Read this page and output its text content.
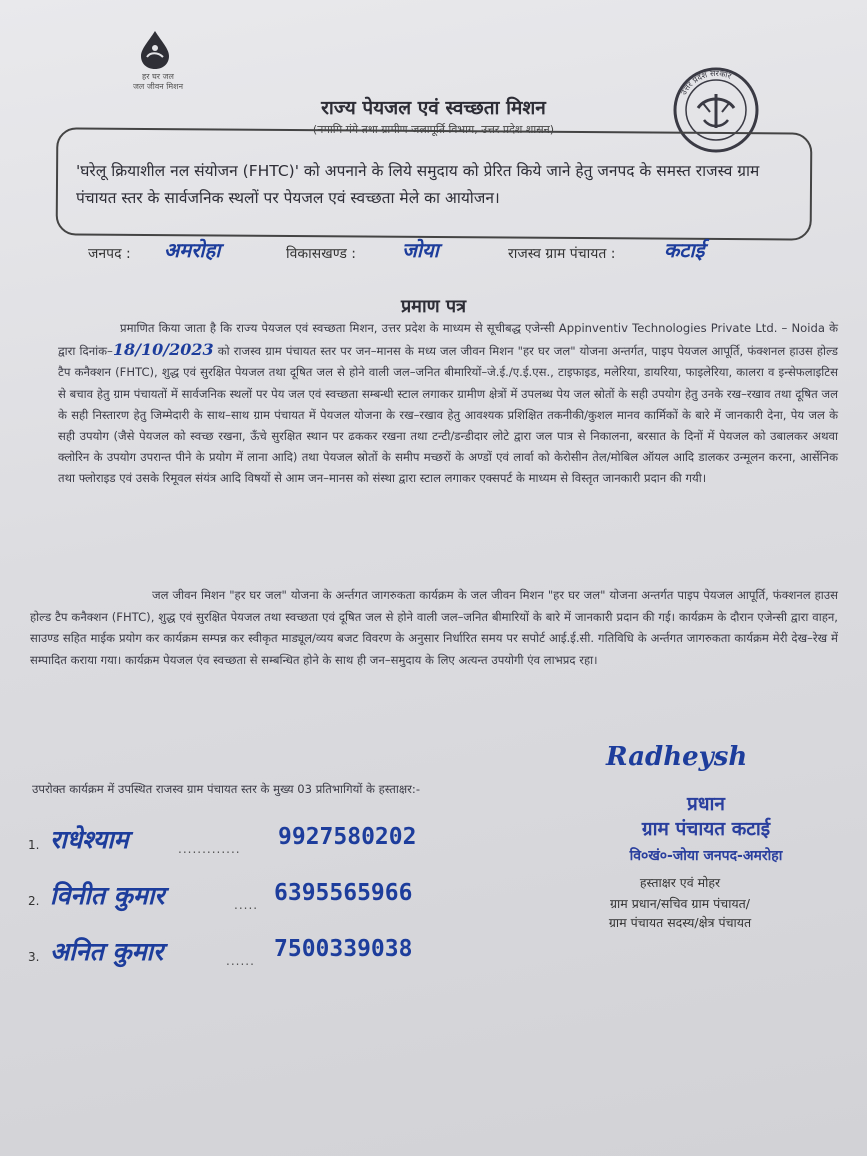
हर घर जल
जल जीवन मिशन
उत्तर प्रदेश सरकार
राज्य पेयजल एवं स्वच्छता मिशन
(नमामि गंगे तथा ग्रामीण जलापूर्ति विभाग, उत्तर प्रदेश शासन)
'घरेलू क्रियाशील नल संयोजन (FHTC)' को अपनाने के लिये समुदाय को प्रेरित किये जाने हेतु जनपद के समस्त राजस्व ग्राम पंचायत स्तर के सार्वजनिक स्थलों पर पेयजल एवं स्वच्छता मेले का आयोजन।
जनपद : अमरोहा	विकासखण्ड : जोया	राजस्व ग्राम पंचायत : कटाई
प्रमाण पत्र
प्रमाणित किया जाता है कि राज्य पेयजल एवं स्वच्छता मिशन, उत्तर प्रदेश के माध्यम से सूचीबद्ध एजेन्सी Appinventiv Technologies Private Ltd. – Noida के द्वारा दिनांक–18/10/2023 को राजस्व ग्राम पंचायत स्तर पर जन–मानस के मध्य जल जीवन मिशन "हर घर जल" योजना अन्तर्गत, पाइप पेयजल आपूर्ति, फंक्शनल हाउस होल्ड टैप कनैक्शन (FHTC), शुद्ध एवं सुरक्षित पेयजल तथा दूषित जल से होने वाली जल–जनित बीमारियों–जे.ई./ए.ई.एस., टाइफाइड, मलेरिया, डायरिया, फाइलेरिया, कालरा व इन्सेफलाइटिस से बचाव हेतु ग्राम पंचायतों में सार्वजनिक स्थलों पर पेय जल एवं स्वच्छता सम्बन्धी स्टाल लगाकर ग्रामीण क्षेत्रों में उपलब्ध पेय जल स्रोतों के सही उपयोग हेतु उनके रख–रखाव तथा दूषित जल के सही निस्तारण हेतु जिम्मेदारी के साथ–साथ ग्राम पंचायत में पेयजल योजना के रख–रखाव हेतु आवश्यक प्रशिक्षित तकनीकी/कुशल मानव कार्मिकों के बारे में जानकारी देना, पेय जल के सही उपयोग (जैसे पेयजल को स्वच्छ रखना, ऊँचे सुरक्षित स्थान पर ढककर रखना तथा टन्टी/डन्डीदार लोटे द्वारा जल पात्र से निकालना, बरसात के दिनों में पेयजल को उबालकर अथवा क्लोरिन के उपयोग उपरान्त पीने के प्रयोग में लाना आदि) तथा पेयजल स्रोतों के समीप मच्छरों के अण्डों एवं लार्वा को केरोसीन तेल/मोबिल ऑयल आदि डालकर उन्मूलन करना, आर्सेनिक तथा फ्लोराइड एवं उसके रिमूवल संयंत्र आदि विषयों से आम जन–मानस को संस्था द्वारा स्टाल लगाकर एक्सपर्ट के माध्यम से विस्तृत जानकारी प्रदान की गयी।
जल जीवन मिशन "हर घर जल" योजना के अर्न्तगत जागरुकता कार्यक्रम के जल जीवन मिशन "हर घर जल" योजना अन्तर्गत पाइप पेयजल आपूर्ति, फंक्शनल हाउस होल्ड टैप कनैक्शन (FHTC), शुद्ध एवं सुरक्षित पेयजल तथा स्वच्छता एवं दूषित जल से होने वाली जल–जनित बीमारियों के बारे में जानकारी प्रदान की गई। कार्यक्रम के दौरान एजेन्सी द्वारा वाहन, साउण्ड सहित माईक प्रयोग कर कार्यक्रम सम्पन्न कर स्वीकृत माड्यूल/व्यय बजट विवरण के अनुसार निर्धारित समय पर सपोर्ट आई.ई.सी. गतिविधि के अर्न्तगत जागरुकता कार्यक्रम मेरी देख–रेख में सम्पादित कराया गया। कार्यक्रम पेयजल एंव स्वच्छता से सम्बन्धित होने के साथ ही जन–समुदाय के लिए अत्यन्त उपयोगी एंव लाभप्रद रहा।
उपरोक्त कार्यक्रम में उपस्थित राजस्व ग्राम पंचायत स्तर के मुख्य 03 प्रतिभागियों के हस्ताक्षर:-
1. राधेश्याम	............. 9927580202
2. विनीत कुमार	..... 6395565966
3. अनित कुमार	...... 7500339038
Radheysh
प्रधान
ग्राम पंचायत कटाई
वि०खं०-जोया जनपद-अमरोहा
हस्ताक्षर एवं मोहर
ग्राम प्रधान/सचिव ग्राम पंचायत/
ग्राम पंचायत सदस्य/क्षेत्र पंचायत
